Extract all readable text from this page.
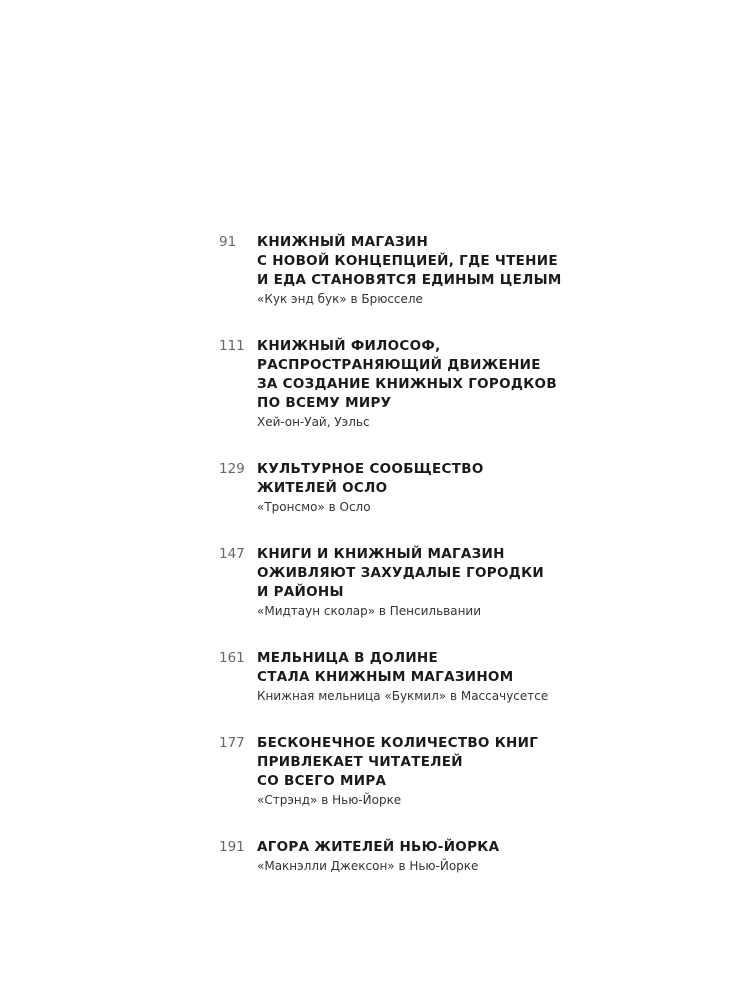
91 КНИЖНЫЙ МАГАЗИН
С НОВОЙ КОНЦЕПЦИЕЙ, ГДЕ ЧТЕНИЕ
И ЕДА СТАНОВЯТСЯ ЕДИНЫМ ЦЕЛЫМ
«Кук энд бук» в Брюсселе
111 КНИЖНЫЙ ФИЛОСОФ,
РАСПРОСТРАНЯЮЩИЙ ДВИЖЕНИЕ
ЗА СОЗДАНИЕ КНИЖНЫХ ГОРОДКОВ
ПО ВСЕМУ МИРУ
Хей-он-Уай, Уэльс
129 КУЛЬТУРНОЕ СООБЩЕСТВО
ЖИТЕЛЕЙ ОСЛО
«Тронсмо» в Осло
147 КНИГИ И КНИЖНЫЙ МАГАЗИН
ОЖИВЛЯЮТ ЗАХУДАЛЫЕ ГОРОДКИ
И РАЙОНЫ
«Мидтаун сколар» в Пенсильвании
161 МЕЛЬНИЦА В ДОЛИНЕ
СТАЛА КНИЖНЫМ МАГАЗИНОМ
Книжная мельница «Букмил» в Массачусетсе
177 БЕСКОНЕЧНОЕ КОЛИЧЕСТВО КНИГ
ПРИВЛЕКАЕТ ЧИТАТЕЛЕЙ
СО ВСЕГО МИРА
«Стрэнд» в Нью-Йорке
191 АГОРА ЖИТЕЛЕЙ НЬЮ-ЙОРКА
«Макнэлли Джексон» в Нью-Йорке
